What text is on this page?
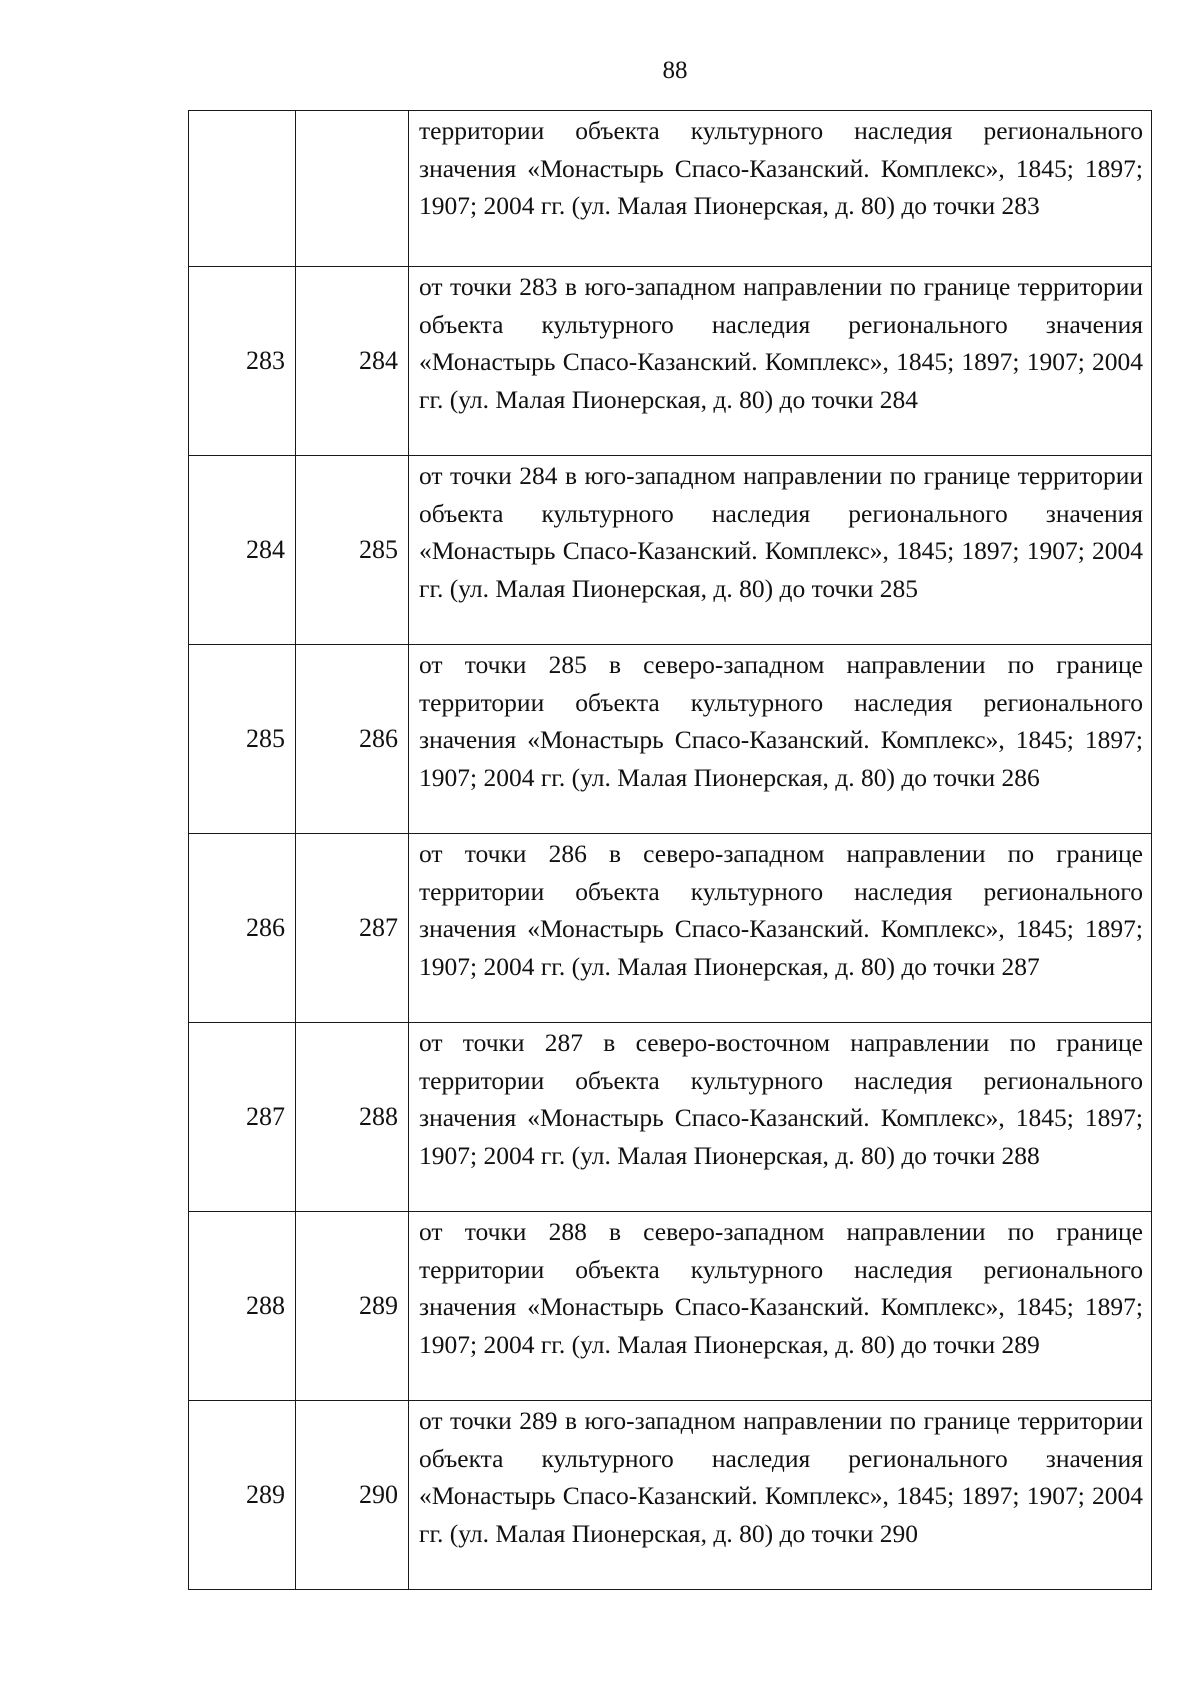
88

		территории объекта культурного наследия регионального значения «Монастырь Спасо-Казанский. Комплекс», 1845; 1897; 1907; 2004 гг. (ул. Малая Пионерская, д. 80) до точки 283

283	284	от точки 283 в юго-западном направлении по границе территории объекта культурного наследия регионального значения «Монастырь Спасо-Казанский. Комплекс», 1845; 1897; 1907; 2004 гг. (ул. Малая Пионерская, д. 80) до точки 284

284	285	от точки 284 в юго-западном направлении по границе территории объекта культурного наследия регионального значения «Монастырь Спасо-Казанский. Комплекс», 1845; 1897; 1907; 2004 гг. (ул. Малая Пионерская, д. 80) до точки 285

285	286	от точки 285 в северо-западном направлении по границе территории объекта культурного наследия регионального значения «Монастырь Спасо-Казанский. Комплекс», 1845; 1897; 1907; 2004 гг. (ул. Малая Пионерская, д. 80) до точки 286

286	287	от точки 286 в северо-западном направлении по границе территории объекта культурного наследия регионального значения «Монастырь Спасо-Казанский. Комплекс», 1845; 1897; 1907; 2004 гг. (ул. Малая Пионерская, д. 80) до точки 287

287	288	от точки 287 в северо-восточном направлении по границе территории объекта культурного наследия регионального значения «Монастырь Спасо-Казанский. Комплекс», 1845; 1897; 1907; 2004 гг. (ул. Малая Пионерская, д. 80) до точки 288

288	289	от точки 288 в северо-западном направлении по границе территории объекта культурного наследия регионального значения «Монастырь Спасо-Казанский. Комплекс», 1845; 1897; 1907; 2004 гг. (ул. Малая Пионерская, д. 80) до точки 289

289	290	от точки 289 в юго-западном направлении по границе территории объекта культурного наследия регионального значения «Монастырь Спасо-Казанский. Комплекс», 1845; 1897; 1907; 2004 гг. (ул. Малая Пионерская, д. 80) до точки 290
